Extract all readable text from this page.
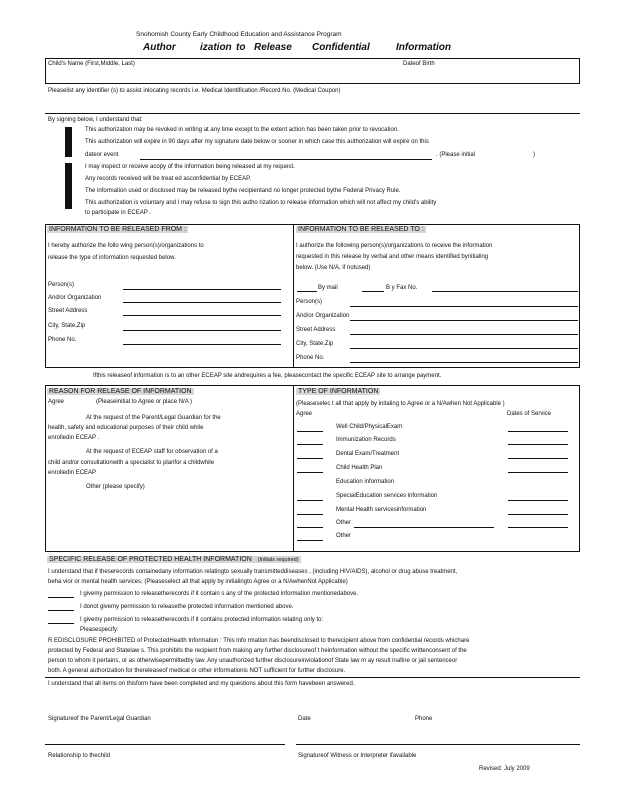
Snohomish County Early Childhood Education and Assistance Program
Author ization to Release Confidential	Information
Child's Name (First,Middle, Last)	Dateof Birth
Pleaselist any identifier (s) to assist inlocating records i.e. Medical Identification /Record No. (Medical Coupon)
By signing below, I understand that:
This authorization may be revoked in writing at any time except to the extent action has been taken prior to revocation.
This authorization will expire in 90 days after my signature date below or sooner in which case this authorization will expire on this
dateor event	. (Please initial	)
I may inspect or receive acopy of the information being released at my request.
Any records received will be treat ed asconfidential by ECEAP.
The information used or disclosed may be released bythe recipientand no longer protected bythe Federal Privacy Rule.
This authorization is voluntary and I may refuse to sign this autho rization to release information which will not affect my child's ability
to participate in ECEAP .
INFORMATION TO BE RELEASED FROM :
I hereby authorize the follo wing person(s)/organizations to
release the type of information requested below.
Person(s)
And/or Organization
Street Address
City, State,Zip
Phone No.
INFORMATION TO BE RELEASED TO :
I authorize the following person(s)/organizations to receive the information
requested in this release by verbal and other means identified bynitialing
below. (Use N/A, if notused)
By mail	B y Fax No.
Person(s)
And/or Organization
Street Address
City, State,Zip
Phone No.
Ifthis releaseof information is to an other ECEAP site andrequires a fee, pleasecontact the specific ECEAP site to arrange payment.
REASON FOR RELEASE OF INFORMATION
Agree	(Pleaseinitial to Agree or place N/A )
At the request of the Parent/Legal Guardian for the
health, safety and educational purposes of their child while
enrolledin ECEAP .
At the request of ECEAP staff for observation of a
child and/or consultationwith a specialist to planfor a childwhile
enrolledin ECEAP
Other (please specify)
TYPE OF INFORMATION
(Pleaseselec t all that apply by initaling to Agree or a N/Awhen Not Applicable )
Agree	Dates of Service
Well Child/PhysicalExam
Immunization Records
Dental Exam/Treatment
Child Health Plan
Education information
SpecialEducation services information
Mental Health servicesinformation
Other
Other
SPECIFIC RELEASE OF PROTECTED HEALTH INFORMATION (Initials required)
I understand that if theserecords containedany information relatingto sexually transmitteddiseases , (including HIV/AIDS), alcohol or drug abuse treatment,
beha vior or mental health services, (Pleaseselect all that apply by initialingto Agree or a N/AwhenNot Applicable)
I givemy permission to releasetherecords if it contain s any of the protected information mentionedabove.
I donot givemy permission to releasethe protected information mentioned above.
I givemy permission to releasetherecords if it contains protected information relating only to:
Pleasespecify:
R EDISCLOSURE PROHIBITED of ProtectedHealth Information : This info rmation has beendisclosed to therecipient above from confidential records whichare
protected by Federal and Statelaw s. This prohibits the recipient from making any further disclosureof t heinformation without the specific writtenconsent of the
person to whom it pertains, or as otherwisepermittedby law. Any unauthorized further disclosureinviolationof State law m ay result inafine or jail sentenceor
both. A general authorization for thereleaseof medical or other informationis NOT sufficient for further disclosure.
I understand that all items on thisform have been completed and my questions about this form havebeen answered.
Signatureof the Parent/Legal Guardian	Date	Phone
Relationship to thechild	Signatureof Witness or Interpreter ifavailable
Revised: July 2009
